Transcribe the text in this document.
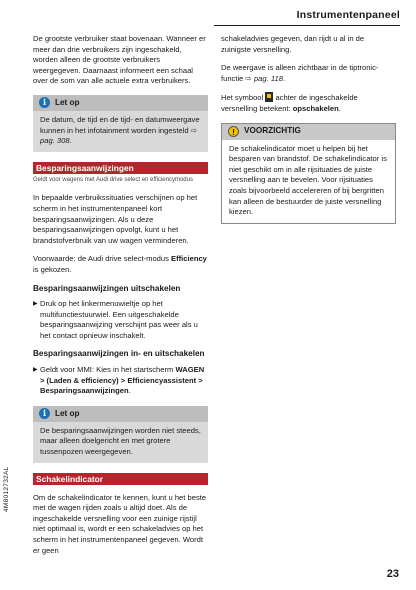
Instrumentenpaneel

De grootste verbruiker staat bovenaan. Wanneer er meer dan drie verbruikers zijn ingeschakeld, worden alleen de grootste verbruikers weergegeven. Daarnaast informeert een schaal over de som van alle actuele extra verbruikers.

i	Let op
De datum, de tijd en de tijd- en datumweergave kunnen in het infotainment worden ingesteld ⇨ pag. 308.
Besparingsaanwijzingen
Geldt voor wagens met Audi drive select en efficiencymodus

In bepaalde verbruikssituaties verschijnen op het scherm in het instrumentenpaneel kort besparingsaanwijzingen. Als u deze besparingsaanwijzingen opvolgt, kunt u het brandstofverbruik van uw wagen verminderen.

Voorwaarde: de Audi drive select-modus Efficiency is gekozen.

Besparingsaanwijzingen uitschakelen
▶ Druk op het linkermenuwieltje op het multifunctiestuurwiel. Een uitgeschakelde besparingsaanwijzing verschijnt pas weer als u het contact opnieuw inschakelt.
Besparingsaanwijzingen in- en uitschakelen
▶ Geldt voor MMI: Kies in het startscherm WAGEN > (Laden & efficiency) > Efficiencyassistent > Besparingsaanwijzingen.
i	Let op
De besparingsaanwijzingen worden niet steeds, maar alleen doelgericht en met grotere tussenpozen weergegeven.
Schakelindicator

Om de schakelindicator te kennen, kunt u het beste met de wagen rijden zoals u altijd doet. Als de ingeschakelde versnelling voor een zuinige rijstijl niet optimaal is, wordt er een schakeladvies op het scherm in het instrumentenpaneel gegeven. Wordt er geen

schakeladvies gegeven, dan rijdt u al in de zuinigste versnelling.

De weergave is alleen zichtbaar in de tiptronic-functie ⇨ pag. 118.

Het symbool  achter de ingeschakelde versnelling betekent: opschakelen.

!	VOORZICHTIG
De schakelindicator moet u helpen bij het besparen van brandstof. De schakelindicator is niet geschikt om in alle rijsituaties de juiste versnelling aan te bevelen. Voor rijsituaties zoals bijvoorbeeld accelereren of bij bergritten kan alleen de bestuurder de juiste versnelling kiezen.
4M8012732AL
23
